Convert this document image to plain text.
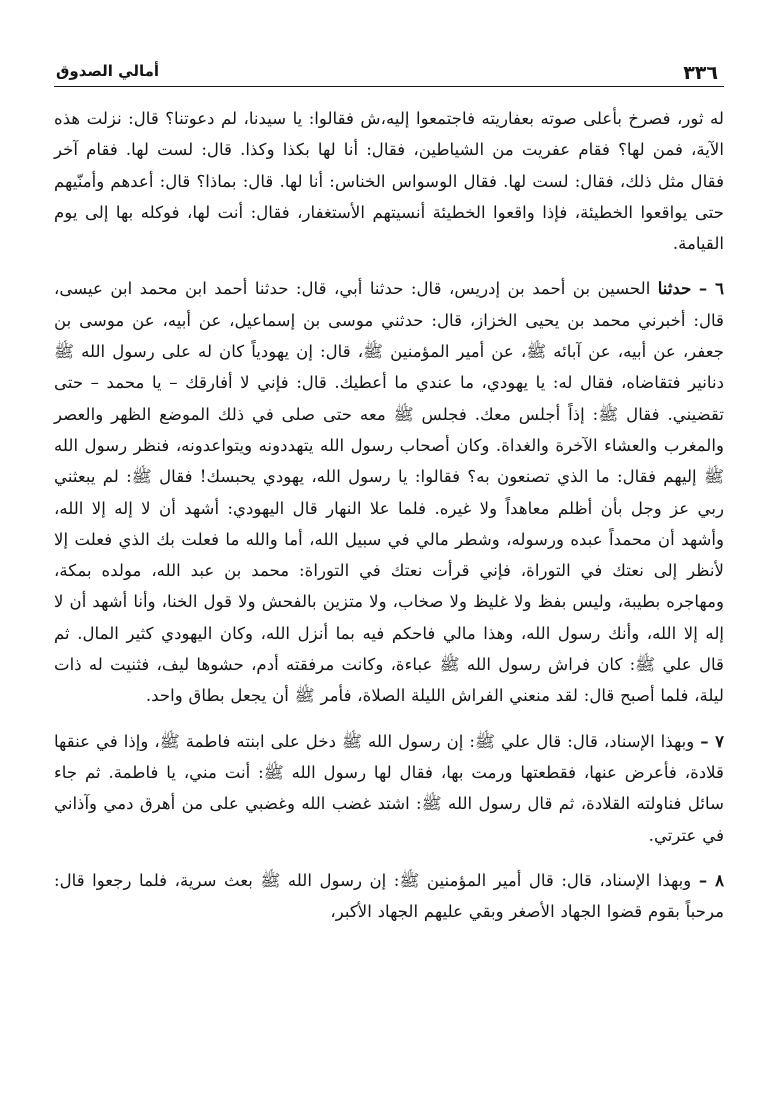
٣٣٦
أمالي الصدوق

له ثور، فصرخ بأعلى صوته بعفاريته فاجتمعوا إليه،ش فقالوا: يا سيدنا، لم دعوتنا؟ قال: نزلت هذه الآية، فمن لها؟ فقام عفريت من الشياطين، فقال: أنا لها بكذا وكذا. قال: لست لها. فقام آخر فقال مثل ذلك، فقال: لست لها. فقال الوسواس الخناس: أنا لها. قال: بماذا؟ قال: أعدهم وأمنّيهم حتى يواقعوا الخطيئة، فإذا واقعوا الخطيئة أنسيتهم الأستغفار، فقال: أنت لها، فوكله بها إلى يوم القيامة.

٦ – حدثنا الحسين بن أحمد بن إدريس، قال: حدثنا أبي، قال: حدثنا أحمد ابن محمد ابن عيسى، قال: أخبرني محمد بن يحيى الخزاز، قال: حدثني موسى بن إسماعيل، عن أبيه، عن موسى بن جعفر، عن أبيه، عن آبائه ﷺ، عن أمير المؤمنين ﷺ، قال: إن يهودياً كان له على رسول الله ﷺ دنانير فتقاضاه، فقال له: يا يهودي، ما عندي ما أعطيك. قال: فإني لا أفارقك – يا محمد – حتى تقضيني. فقال ﷺ: إذاً أجلس معك. فجلس ﷺ معه حتى صلى في ذلك الموضع الظهر والعصر والمغرب والعشاء الآخرة والغداة. وكان أصحاب رسول الله يتهددونه ويتواعدونه، فنظر رسول الله ﷺ إليهم فقال: ما الذي تصنعون به؟ فقالوا: يا رسول الله، يهودي يحبسك! فقال ﷺ: لم يبعثني ربي عز وجل بأن أظلم معاهداً ولا غيره. فلما علا النهار قال اليهودي: أشهد أن لا إله إلا الله، وأشهد أن محمداً عبده ورسوله، وشطر مالي في سبيل الله، أما والله ما فعلت بك الذي فعلت إلا لأنظر إلى نعتك في التوراة، فإني قرأت نعتك في التوراة: محمد بن عبد الله، مولده بمكة، ومهاجره بطيبة، وليس بفظ ولا غليظ ولا صخاب، ولا متزين بالفحش ولا قول الخنا، وأنا أشهد أن لا إله إلا الله، وأنك رسول الله، وهذا مالي فاحكم فيه بما أنزل الله، وكان اليهودي كثير المال. ثم قال علي ﷺ: كان فراش رسول الله ﷺ عباءة، وكانت مرفقته أدم، حشوها ليف، فثنيت له ذات ليلة، فلما أصبح قال: لقد منعني الفراش الليلة الصلاة، فأمر ﷺ أن يجعل بطاق واحد.

٧ – وبهذا الإسناد، قال: قال علي ﷺ: إن رسول الله ﷺ دخل على ابنته فاطمة ﷺ، وإذا في عنقها قلادة، فأعرض عنها، فقطعتها ورمت بها، فقال لها رسول الله ﷺ: أنت مني، يا فاطمة. ثم جاء سائل فناولته القلادة، ثم قال رسول الله ﷺ: اشتد غضب الله وغضبي على من أهرق دمي وآذاني في عترتي.

٨ – وبهذا الإسناد، قال: قال أمير المؤمنين ﷺ: إن رسول الله ﷺ بعث سرية، فلما رجعوا قال: مرحباً بقوم قضوا الجهاد الأصغر وبقي عليهم الجهاد الأكبر،
